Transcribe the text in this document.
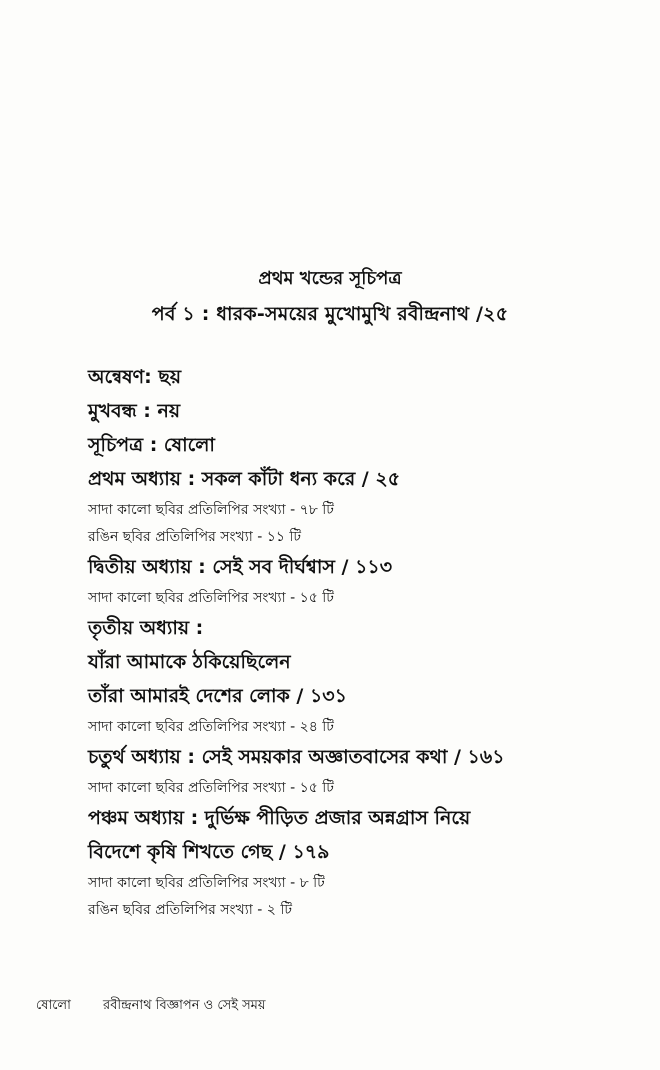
প্রথম খন্ডের সূচিপত্র
পর্ব ১ : ধারক-সময়ের মুখোমুখি রবীন্দ্রনাথ /২৫
অন্বেষণ: ছয়
মুখবন্ধ : নয়
সূচিপত্র : ষোলো
প্রথম অধ্যায় : সকল কাঁটা ধন্য করে / ২৫
সাদা কালো ছবির প্রতিলিপির সংখ্যা - ৭৮ টি
রঙিন ছবির প্রতিলিপির সংখ্যা - ১১ টি
দ্বিতীয় অধ্যায় : সেই সব দীর্ঘশ্বাস / ১১৩
সাদা কালো ছবির প্রতিলিপির সংখ্যা - ১৫ টি
তৃতীয় অধ্যায় :
যাঁরা আমাকে ঠকিয়েছিলেন
তাঁরা আমারই দেশের লোক / ১৩১
সাদা কালো ছবির প্রতিলিপির সংখ্যা - ২৪ টি
চতুর্থ অধ্যায় : সেই সময়কার অজ্ঞাতবাসের কথা / ১৬১
সাদা কালো ছবির প্রতিলিপির সংখ্যা - ১৫ টি
পঞ্চম অধ্যায় : দুর্ভিক্ষ পীড়িত প্রজার অন্নগ্রাস নিয়ে
বিদেশে কৃষি শিখতে গেছ / ১৭৯
সাদা কালো ছবির প্রতিলিপির সংখ্যা - ৮ টি
রঙিন ছবির প্রতিলিপির সংখ্যা - ২ টি
ষোলো রবীন্দ্রনাথ বিজ্ঞাপন ও সেই সময়
